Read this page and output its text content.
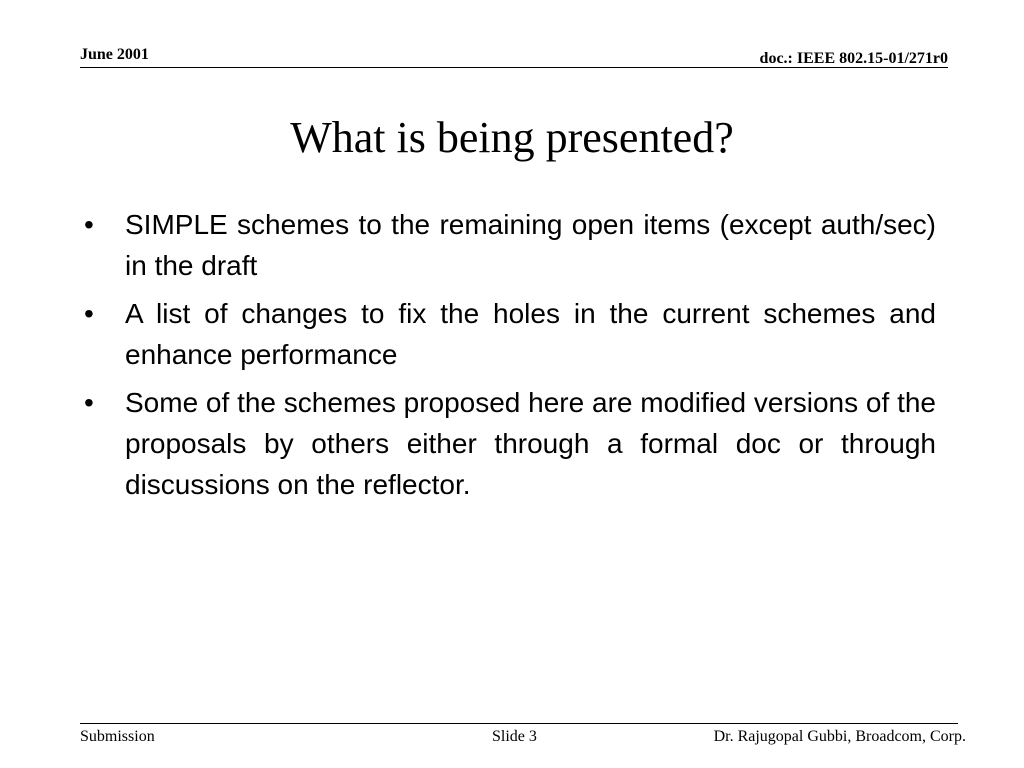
June 2001	doc.: IEEE 802.15-01/271r0
What is being presented?
• SIMPLE schemes to the remaining open items (except auth/sec) in the draft
• A list of changes to fix the holes in the current schemes and enhance performance
• Some of the schemes proposed here are modified versions of the proposals by others either through a formal doc or through discussions on the reflector.
Submission	Slide 3	Dr. Rajugopal Gubbi, Broadcom, Corp.
